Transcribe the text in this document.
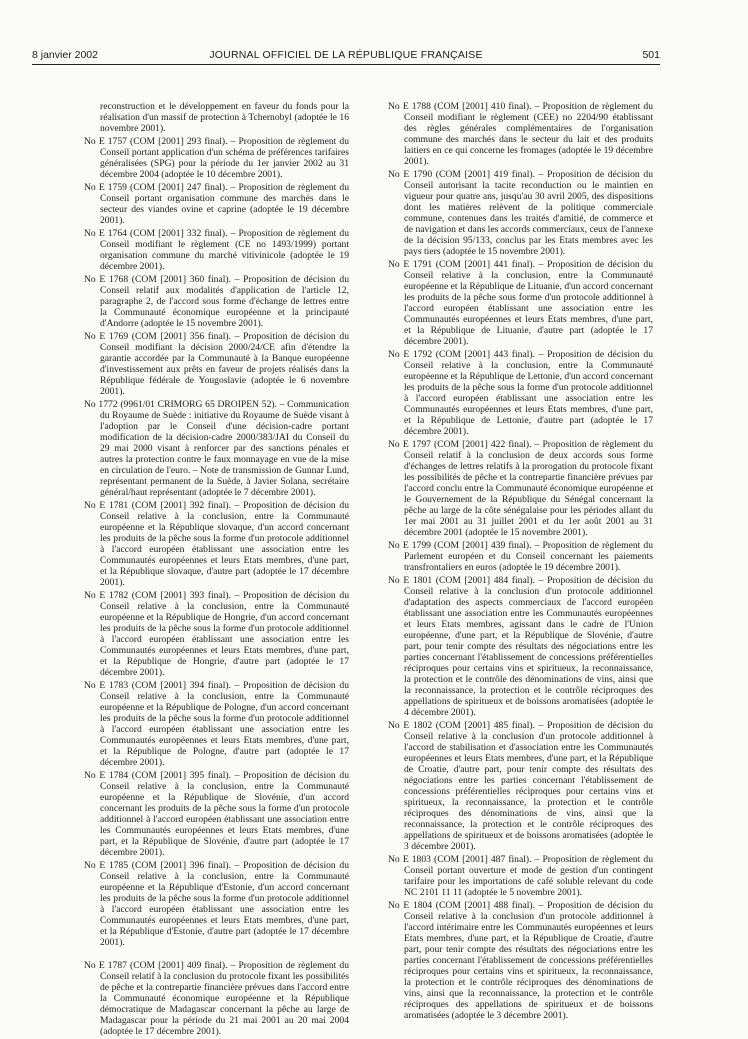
8 janvier 2002	JOURNAL OFFICIEL DE LA RÉPUBLIQUE FRANÇAISE	501

reconstruction et le développement en faveur du fonds pour la réalisation d'un massif de protection à Tchernobyl (adoptée le 16 novembre 2001).

No E 1757 (COM [2001] 293 final). – Proposition de règlement du Conseil portant application d'un schéma de préférences tarifaires généralisées (SPG) pour la période du 1er janvier 2002 au 31 décembre 2004 (adoptée le 10 décembre 2001).

No E 1759 (COM [2001] 247 final). – Proposition de règlement du Conseil portant organisation commune des marchés dans le secteur des viandes ovine et caprine (adoptée le 19 décembre 2001).

No E 1764 (COM [2001] 332 final). – Proposition de règlement du Conseil modifiant le règlement (CE no 1493/1999) portant organisation commune du marché vitivinicole (adoptée le 19 décembre 2001).

No E 1768 (COM [2001] 360 final). – Proposition de décision du Conseil relatif aux modalités d'application de l'article 12, paragraphe 2, de l'accord sous forme d'échange de lettres entre la Communauté économique européenne et la principauté d'Andorre (adoptée le 15 novembre 2001).

No E 1769 (COM [2001] 356 final). – Proposition de décision du Conseil modifiant la décision 2000/24/CE afin d'étendre la garantie accordée par la Communauté à la Banque européenne d'investissement aux prêts en faveur de projets réalisés dans la République fédérale de Yougoslavie (adoptée le 6 novembre 2001).

No 1772 (9961/01 CRIMORG 65 DROIPEN 52). – Communication du Royaume de Suède : initiative du Royaume de Suède visant à l'adoption par le Conseil d'une décision-cadre portant modification de la décision-cadre 2000/383/JAI du Conseil du 29 mai 2000 visant à renforcer par des sanctions pénales et autres la protection contre le faux monnayage en vue de la mise en circulation de l'euro. – Note de transmission de Gunnar Lund, représentant permanent de la Suède, à Javier Solana, secrétaire général/haut représentant (adoptée le 7 décembre 2001).

No E 1781 (COM [2001] 392 final). – Proposition de décision du Conseil relative à la conclusion, entre la Communauté européenne et la République slovaque, d'un accord concernant les produits de la pêche sous la forme d'un protocole additionnel à l'accord européen établissant une association entre les Communautés européennes et leurs Etats membres, d'une part, et la République slovaque, d'autre part (adoptée le 17 décembre 2001).

No E 1782 (COM [2001] 393 final). – Proposition de décision du Conseil relative à la conclusion, entre la Communauté européenne et la République de Hongrie, d'un accord concernant les produits de la pêche sous la forme d'un protocole additionnel à l'accord européen établissant une association entre les Communautés européennes et leurs Etats membres, d'une part, et la République de Hongrie, d'autre part (adoptée le 17 décembre 2001).

No E 1783 (COM [2001] 394 final). – Proposition de décision du Conseil relative à la conclusion, entre la Communauté européenne et la République de Pologne, d'un accord concernant les produits de la pêche sous la forme d'un protocole additionnel à l'accord européen établissant une association entre les Communautés européennes et leurs Etats membres, d'une part, et la République de Pologne, d'autre part (adoptée le 17 décembre 2001).

No E 1784 (COM [2001] 395 final). – Proposition de décision du Conseil relative à la conclusion, entre la Communauté européenne et la République de Slovénie, d'un accord concernant les produits de la pêche sous la forme d'un protocole additionnel à l'accord européen établissant une association entre les Communautés européennes et leurs Etats membres, d'une part, et la République de Slovénie, d'autre part (adoptée le 17 décembre 2001).

No E 1785 (COM [2001] 396 final). – Proposition de décision du Conseil relative à la conclusion, entre la Communauté européenne et la République d'Estonie, d'un accord concernant les produits de la pêche sous la forme d'un protocole additionnel à l'accord européen établissant une association entre les Communautés européennes et leurs Etats membres, d'une part, et la République d'Estonie, d'autre part (adoptée le 17 décembre 2001).

No E 1787 (COM [2001] 409 final). – Proposition de règlement du Conseil relatif à la conclusion du protocole fixant les possibilités de pêche et la contrepartie financière prévues dans l'accord entre la Communauté économique européenne et la République démocratique de Madagascar concernant la pêche au large de Madagascar pour la période du 21 mai 2001 au 20 mai 2004 (adoptée le 17 décembre 2001).

No E 1788 (COM [2001] 410 final). – Proposition de règlement du Conseil modifiant le règlement (CEE) no 2204/90 établissant des règles générales complémentaires de l'organisation commune des marchés dans le secteur du lait et des produits laitiers en ce qui concerne les fromages (adoptée le 19 décembre 2001).

No E 1790 (COM [2001] 419 final). – Proposition de décision du Conseil autorisant la tacite reconduction ou le maintien en vigueur pour quatre ans, jusqu'au 30 avril 2005, des dispositions dont les matières relèvent de la politique commerciale commune, contenues dans les traités d'amitié, de commerce et de navigation et dans les accords commerciaux, ceux de l'annexe de la décision 95/133, conclus par les Etats membres avec les pays tiers (adoptée le 15 novembre 2001).

No E 1791 (COM [2001] 441 final). – Proposition de décision du Conseil relative à la conclusion, entre la Communauté européenne et la République de Lituanie, d'un accord concernant les produits de la pêche sous forme d'un protocole additionnel à l'accord européen établissant une association entre les Communautés européennes et leurs Etats membres, d'une part, et la République de Lituanie, d'autre part (adoptée le 17 décembre 2001).

No E 1792 (COM [2001] 443 final). – Proposition de décision du Conseil relative à la conclusion, entre la Communauté européenne et la République de Lettonie, d'un accord concernant les produits de la pêche sous la forme d'un protocole additionnel à l'accord européen établissant une association entre les Communautés européennes et leurs Etats membres, d'une part, et la République de Lettonie, d'autre part (adoptée le 17 décembre 2001).

No E 1797 (COM [2001] 422 final). – Proposition de règlement du Conseil relatif à la conclusion de deux accords sous forme d'échanges de lettres relatifs à la prorogation du protocole fixant les possibilités de pêche et la contrepartie financière prévues par l'accord conclu entre la Communauté économique européenne et le Gouvernement de la République du Sénégal concernant la pêche au large de la côte sénégalaise pour les périodes allant du 1er mai 2001 au 31 juillet 2001 et du 1er août 2001 au 31 décembre 2001 (adoptée le 15 novembre 2001).

No E 1799 (COM [2001] 439 final). – Proposition de règlement du Parlement européen et du Conseil concernant les paiements transfrontaliers en euros (adoptée le 19 décembre 2001).

No E 1801 (COM [2001] 484 final). – Proposition de décision du Conseil relative à la conclusion d'un protocole additionnel d'adaptation des aspects commerciaux de l'accord européen établissant une association entre les Communautés européennes et leurs Etats membres, agissant dans le cadre de l'Union européenne, d'une part, et la République de Slovénie, d'autre part, pour tenir compte des résultats des négociations entre les parties concernant l'établissement de concessions préférentielles réciproques pour certains vins et spiritueux, la reconnaissance, la protection et le contrôle des dénominations de vins, ainsi que la reconnaissance, la protection et le contrôle réciproques des appellations de spiritueux et de boissons aromatisées (adoptée le 4 décembre 2001).

No E 1802 (COM [2001] 485 final). – Proposition de décision du Conseil relative à la conclusion d'un protocole additionnel à l'accord de stabilisation et d'association entre les Communautés européennes et leurs Etats membres, d'une part, et la République de Croatie, d'autre part, pour tenir compte des résultats des négociations entre les parties concernant l'établissement de concessions préférentielles réciproques pour certains vins et spiritueux, la reconnaissance, la protection et le contrôle réciproques des dénominations de vins, ainsi que la reconnaissance, la protection et le contrôle réciproques des appellations de spiritueux et de boissons aromatisées (adoptée le 3 décembre 2001).

No E 1803 (COM [2001] 487 final). – Proposition de règlement du Conseil portant ouverture et mode de gestion d'un contingent tarifaire pour les importations de café soluble relevant du code NC 2101 11 11 (adoptée le 5 novembre 2001).

No E 1804 (COM [2001] 488 final). – Proposition de décision du Conseil relative à la conclusion d'un protocole additionnel à l'accord intérimaire entre les Communautés européennes et leurs Etats membres, d'une part, et la République de Croatie, d'autre part, pour tenir compte des résultats des négociations entre les parties concernant l'établissement de concessions préférentielles réciproques pour certains vins et spiritueux, la reconnaissance, la protection et le contrôle réciproques des dénominations de vins, ainsi que la reconnaissance, la protection et le contrôle réciproques des appellations de spiritueux et de boissons aromatisées (adoptée le 3 décembre 2001).
